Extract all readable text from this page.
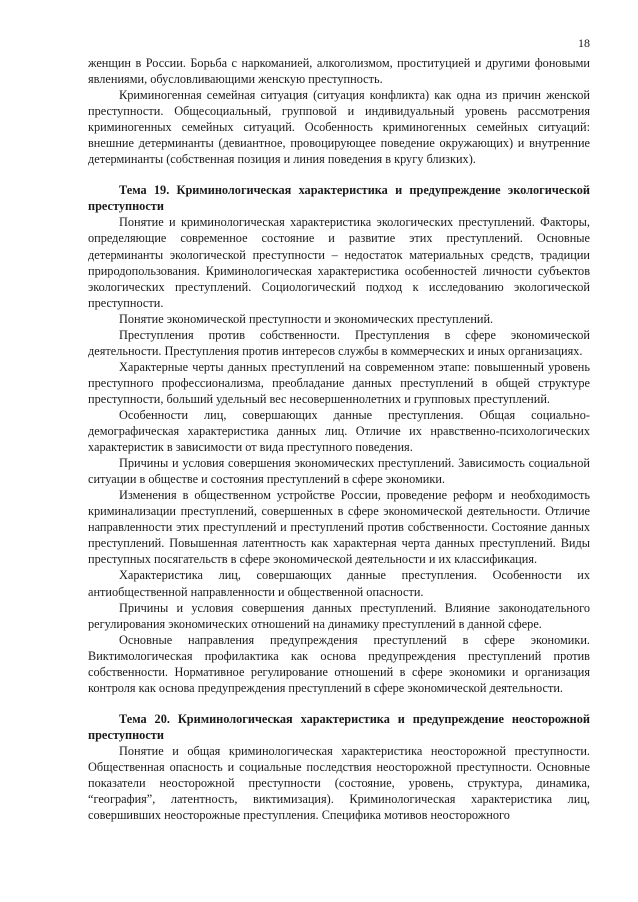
18

женщин в России. Борьба с наркоманией, алкоголизмом, проституцией и другими фоновыми явлениями, обусловливающими женскую преступность.

Криминогенная семейная ситуация (ситуация конфликта) как одна из причин женской преступности. Общесоциальный, групповой и индивидуальный уровень рассмотрения криминогенных семейных ситуаций. Особенность криминогенных семейных ситуаций: внешние детерминанты (девиантное, провоцирующее поведение окружающих) и внутренние детерминанты (собственная позиция и линия поведения в кругу близких).

Тема 19. Криминологическая характеристика и предупреждение экологической преступности

Понятие и криминологическая характеристика экологических преступлений. Факторы, определяющие современное состояние и развитие этих преступлений. Основные детерминанты экологической преступности – недостаток материальных средств, традиции природопользования. Криминологическая характеристика особенностей личности субъектов экологических преступлений. Социологический подход к исследованию экологической преступности.

Понятие экономической преступности и экономических преступлений.

Преступления против собственности. Преступления в сфере экономической деятельности. Преступления против интересов службы в коммерческих и иных организациях.

Характерные черты данных преступлений на современном этапе: повышенный уровень преступного профессионализма, преобладание данных преступлений в общей структуре преступности, больший удельный вес несовершеннолетних и групповых преступлений.

Особенности лиц, совершающих данные преступления. Общая социально-демографическая характеристика данных лиц. Отличие их нравственно-психологических характеристик в зависимости от вида преступного поведения.

Причины и условия совершения экономических преступлений. Зависимость социальной ситуации в обществе и состояния преступлений в сфере экономики.

Изменения в общественном устройстве России, проведение реформ и необходимость криминализации преступлений, совершенных в сфере экономической деятельности. Отличие направленности этих преступлений и преступлений против собственности. Состояние данных преступлений. Повышенная латентность как характерная черта данных преступлений. Виды преступных посягательств в сфере экономической деятельности и их классификация.

Характеристика лиц, совершающих данные преступления. Особенности их антиобщественной направленности и общественной опасности.

Причины и условия совершения данных преступлений. Влияние законодательного регулирования экономических отношений на динамику преступлений в данной сфере.

Основные направления предупреждения преступлений в сфере экономики. Виктимологическая профилактика как основа предупреждения преступлений против собственности. Нормативное регулирование отношений в сфере экономики и организация контроля как основа предупреждения преступлений в сфере экономической деятельности.

Тема 20. Криминологическая характеристика и предупреждение неосторожной преступности

Понятие и общая криминологическая характеристика неосторожной преступности. Общественная опасность и социальные последствия неосторожной преступности. Основные показатели неосторожной преступности (состояние, уровень, структура, динамика, “география”, латентность, виктимизация). Криминологическая характеристика лиц, совершивших неосторожные преступления. Специфика мотивов неосторожного
